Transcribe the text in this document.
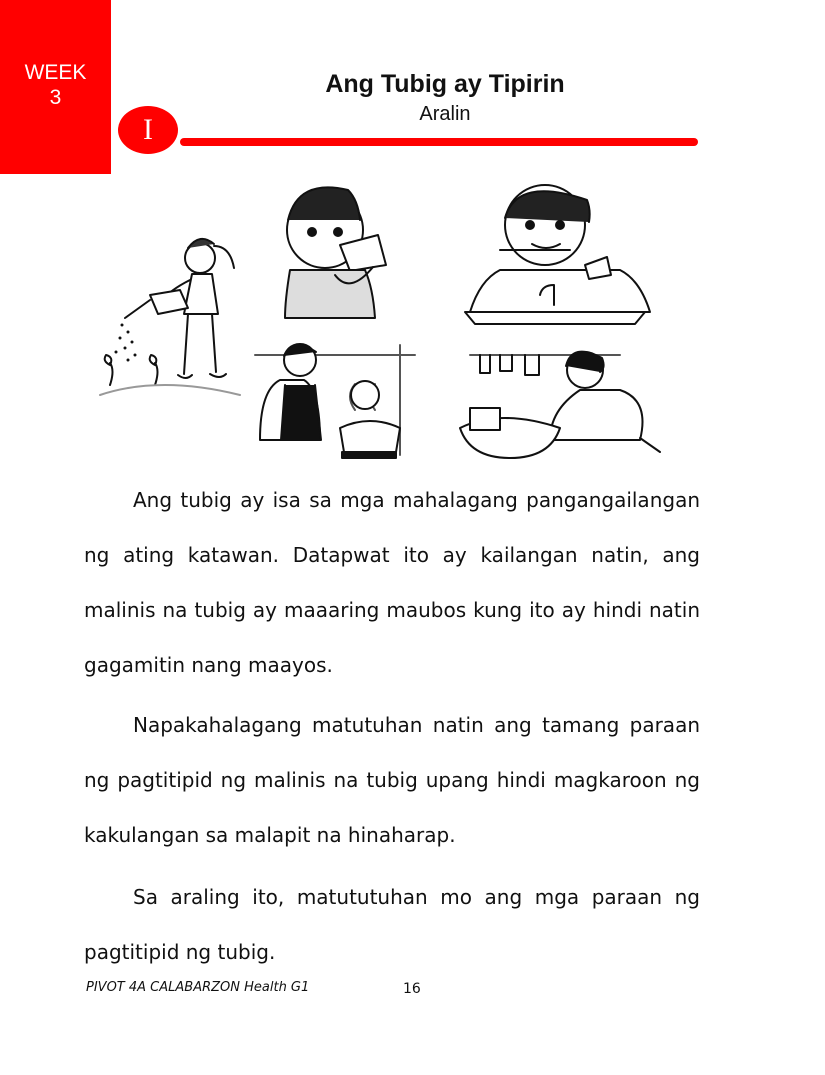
WEEK
3	Ang Tubig ay Tipirin
Aralin
I

Ang tubig ay isa sa mga mahalagang pangangailangan ng ating katawan. Datapwat ito ay kailangan natin, ang malinis na tubig ay maaaring maubos kung ito ay hindi natin gagamitin nang maayos.

Napakahalagang matutuhan natin ang tamang paraan ng pagtitipid ng malinis na tubig upang hindi magkaroon ng kakulangan sa malapit na hinaharap.

Sa araling ito, matututuhan mo ang mga paraan ng pagtitipid ng tubig.

PIVOT 4A CALABARZON Health G1	16
